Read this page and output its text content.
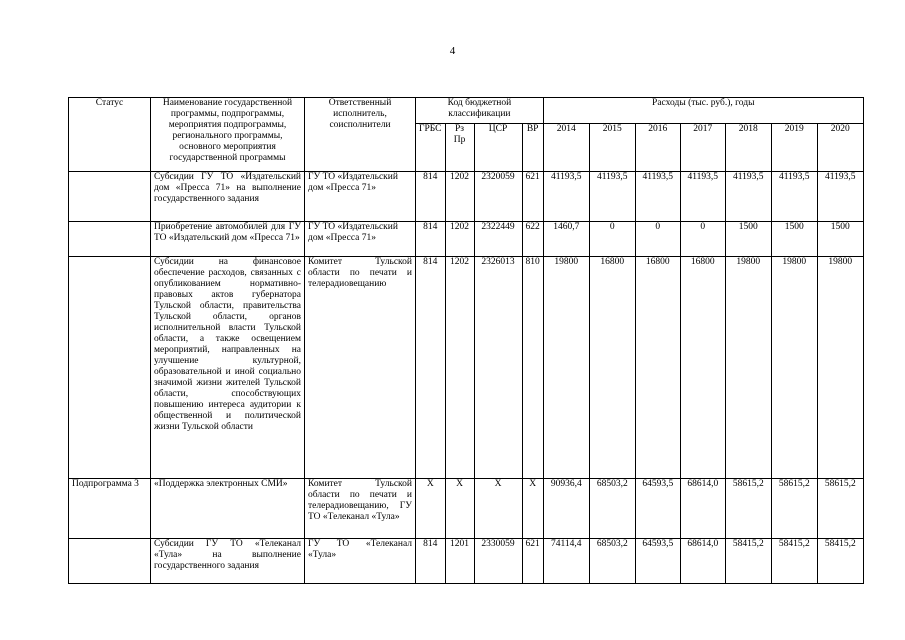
4
Статус	Наименование государственной программы, подпрограммы, мероприятия подпрограммы, регионального программы, основного мероприятия государственной программы	Ответственный исполнитель, соисполнители	Код бюджетной классификации				Расходы (тыс. руб.), годы						
			ГРБС	Рз Пр	ЦСР	ВР	2014	2015	2016	2017	2018	2019	2020
	Субсидии ГУ ТО «Издательский дом «Пресса 71» на выполнение государственного задания	ГУ ТО «Издательский дом «Пресса 71»	814	1202	2320059	621	41193,5	41193,5	41193,5	41193,5	41193,5	41193,5	41193,5
	Приобретение автомобилей для ГУ ТО «Издательский дом «Пресса 71»	ГУ ТО «Издательский дом «Пресса 71»	814	1202	2322449	622	1460,7	0	0	0	1500	1500	1500
	Субсидии на финансовое обеспечение расходов, связанных с опубликованием нормативно-правовых актов губернатора Тульской области, правительства Тульской области, органов исполнительной власти Тульской области, а также освещением мероприятий, направленных на улучшение культурной, образовательной и иной социально значимой жизни жителей Тульской области, способствующих повышению интереса аудитории к общественной и политической жизни Тульской области	Комитет Тульской области по печати и телерадиовещанию	814	1202	2326013	810	19800	16800	16800	16800	19800	19800	19800
Подпрограмма 3	«Поддержка электронных СМИ»	Комитет Тульской области по печати и телерадиовещанию, ГУ ТО «Телеканал «Тула»	Х	Х	Х	Х	90936,4	68503,2	64593,5	68614,0	58615,2	58615,2	58615,2
	Субсидии ГУ ТО «Телеканал «Тула» на выполнение государственного задания	ГУ ТО «Телеканал «Тула»	814	1201	2330059	621	74114,4	68503,2	64593,5	68614,0	58415,2	58415,2	58415,2
